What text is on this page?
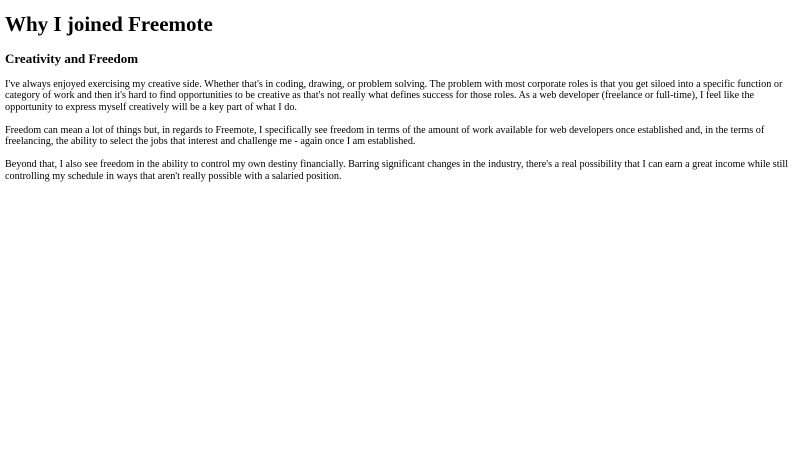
Why I joined Freemote
Creativity and Freedom

I've always enjoyed exercising my creative side. Whether that's in coding, drawing, or problem solving. The problem with most corporate roles is that you get siloed into a specific function or category of work and then it's hard to find opportunities to be creative as that's not really what defines success for those roles. As a web developer (freelance or full-time), I feel like the opportunity to express myself creatively will be a key part of what I do.

Freedom can mean a lot of things but, in regards to Freemote, I specifically see freedom in terms of the amount of work available for web developers once established and, in the terms of freelancing, the ability to select the jobs that interest and challenge me - again once I am established.

Beyond that, I also see freedom in the ability to control my own destiny financially. Barring significant changes in the industry, there's a real possibility that I can earn a great income while still controlling my schedule in ways that aren't really possible with a salaried position.
